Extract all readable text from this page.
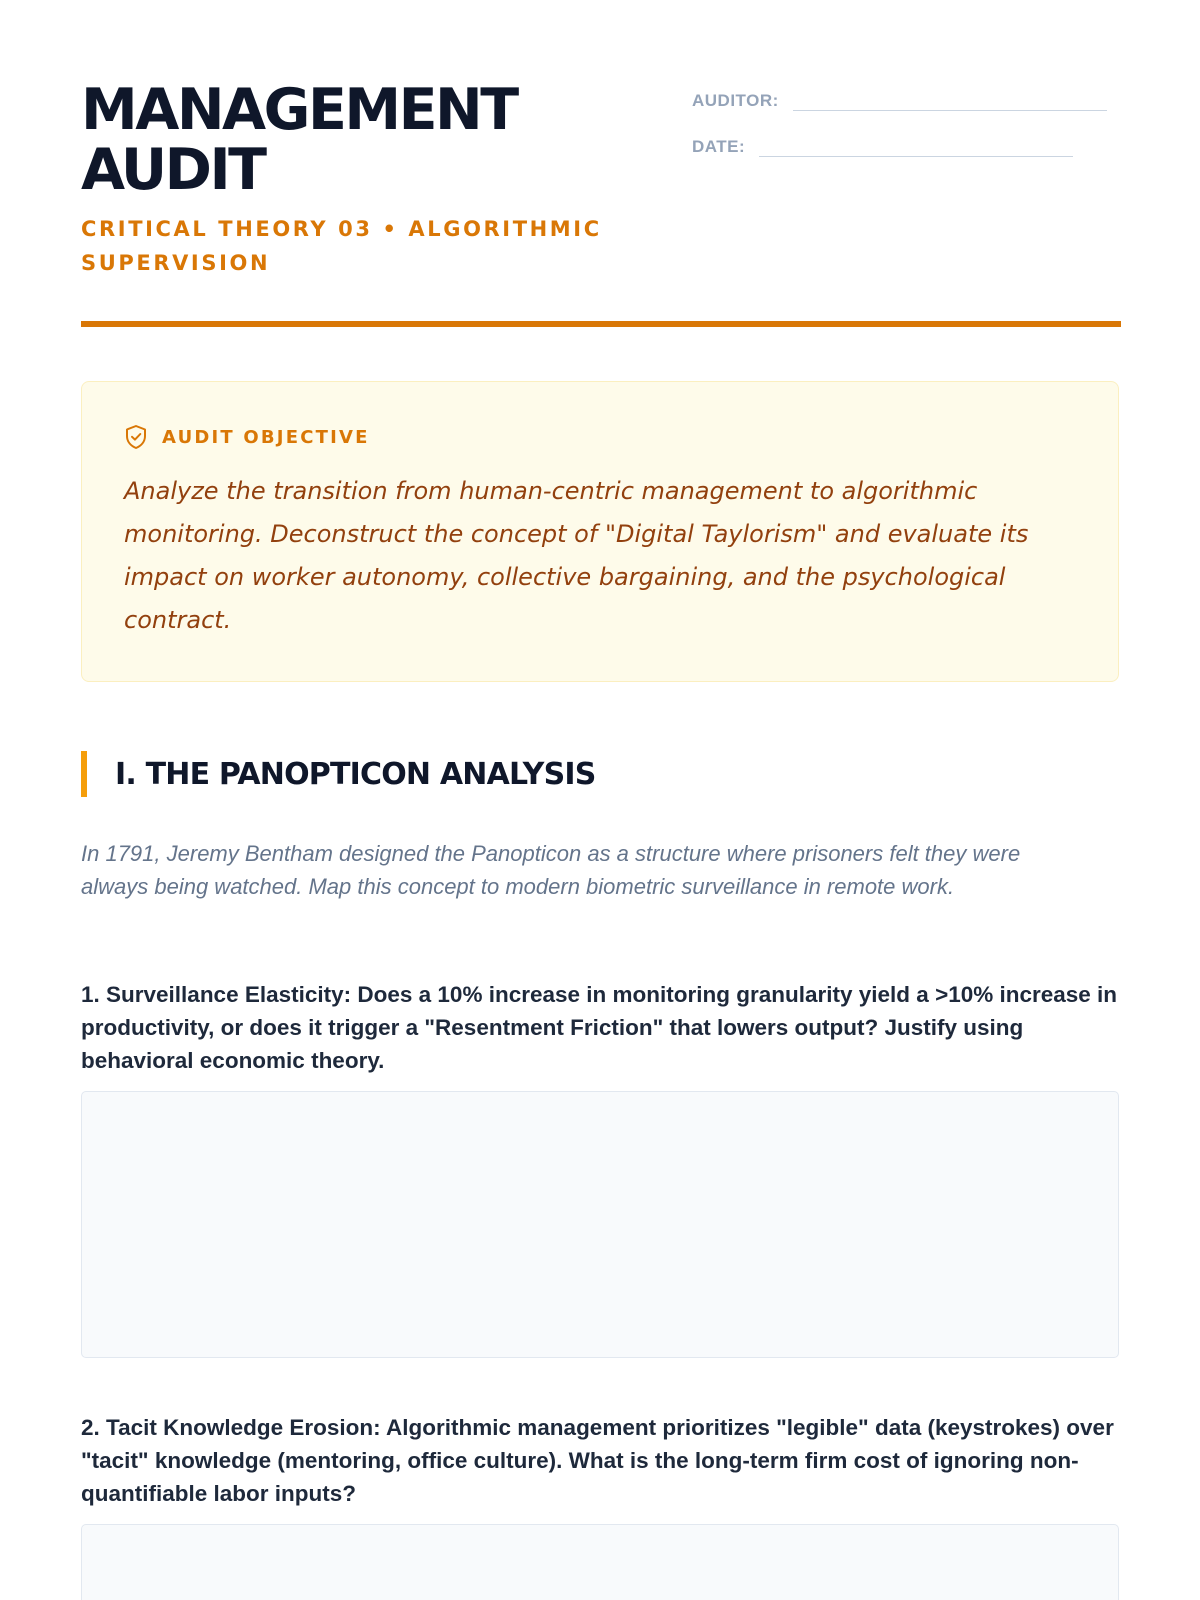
MANAGEMENT
AUDIT
CRITICAL THEORY 03 • ALGORITHMIC SUPERVISION
AUDITOR:
DATE:
AUDIT OBJECTIVE

Analyze the transition from human-centric management to algorithmic monitoring. Deconstruct the concept of "Digital Taylorism" and evaluate its impact on worker autonomy, collective bargaining, and the psychological contract.

I. THE PANOPTICON ANALYSIS

In 1791, Jeremy Bentham designed the Panopticon as a structure where prisoners felt they were always being watched. Map this concept to modern biometric surveillance in remote work.

1. Surveillance Elasticity: Does a 10% increase in monitoring granularity yield a >10% increase in productivity, or does it trigger a "Resentment Friction" that lowers output? Justify using behavioral economic theory.

2. Tacit Knowledge Erosion: Algorithmic management prioritizes "legible" data (keystrokes) over "tacit" knowledge (mentoring, office culture). What is the long-term firm cost of ignoring non-quantifiable labor inputs?
